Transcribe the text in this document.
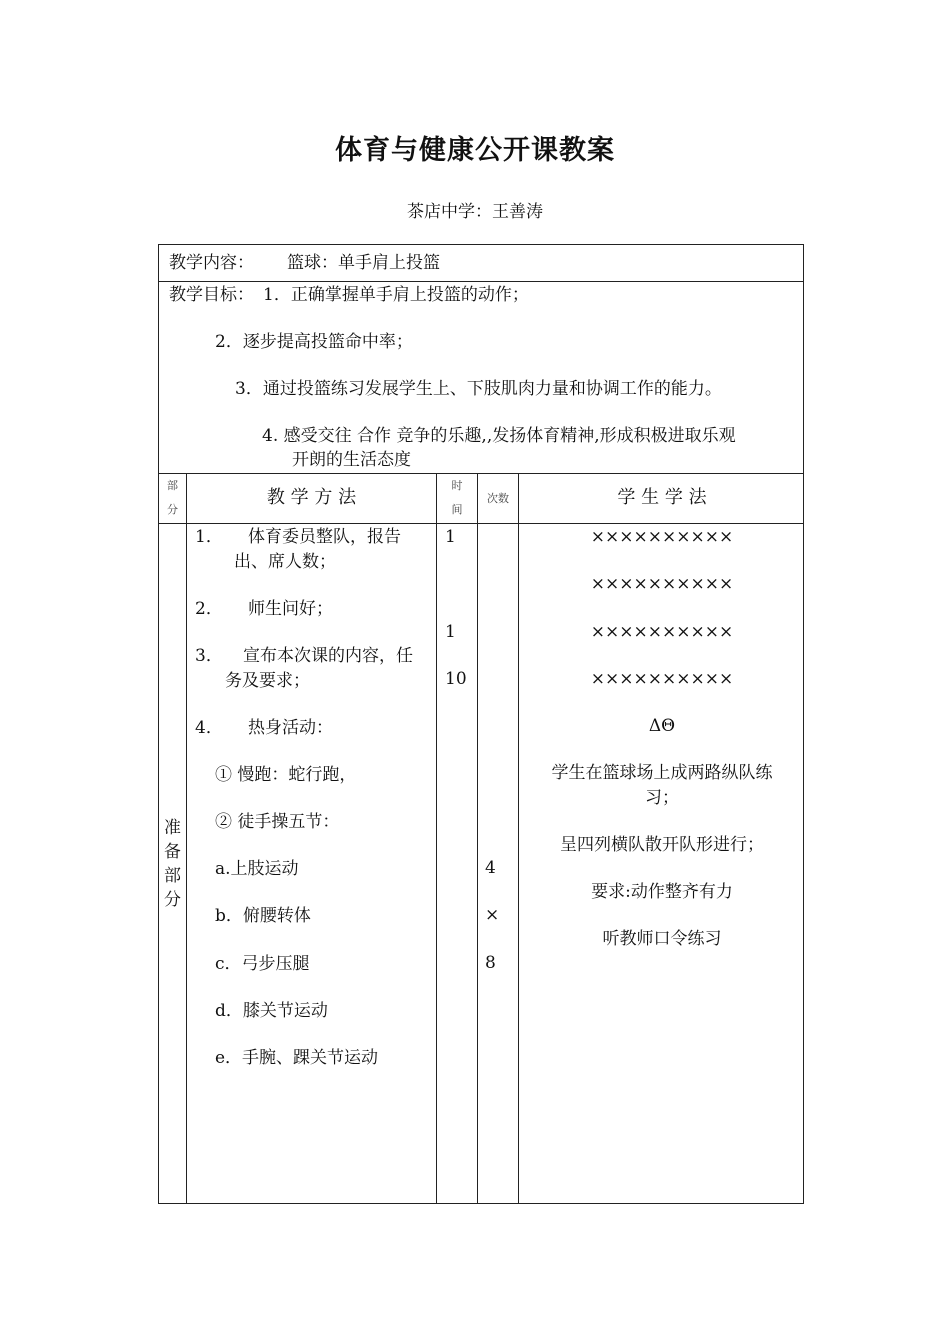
体育与健康公开课教案
茶店中学：王善涛
教学内容： 篮球：单手肩上投篮
教学目标： 1．正确掌握单手肩上投篮的动作；
2．逐步提高投篮命中率；
3．通过投篮练习发展学生上、下肢肌肉力量和协调工作的能力。
4. 感受交往 合作 竞争的乐趣,,发扬体育精神,形成积极进取乐观
开朗的生活态度
部
分
教 学 方 法
时
间
次数	学 生 学 法
准
备
部
分
1． 体育委员整队，报告
出、席人数；
2． 师生问好；
3． 宣布本次课的内容，任
务及要求；
4． 热身活动：
① 慢跑：蛇行跑，
② 徒手操五节：
a.上肢运动
b．俯腰转体
c．弓步压腿
d．膝关节运动
e．手腕、踝关节运动
1
1
10
4
×
8
××××××××××
××××××××××
××××××××××
××××××××××
ΔΘ
学生在篮球场上成两路纵队练
习；
呈四列横队散开队形进行；
要求:动作整齐有力
听教师口令练习
